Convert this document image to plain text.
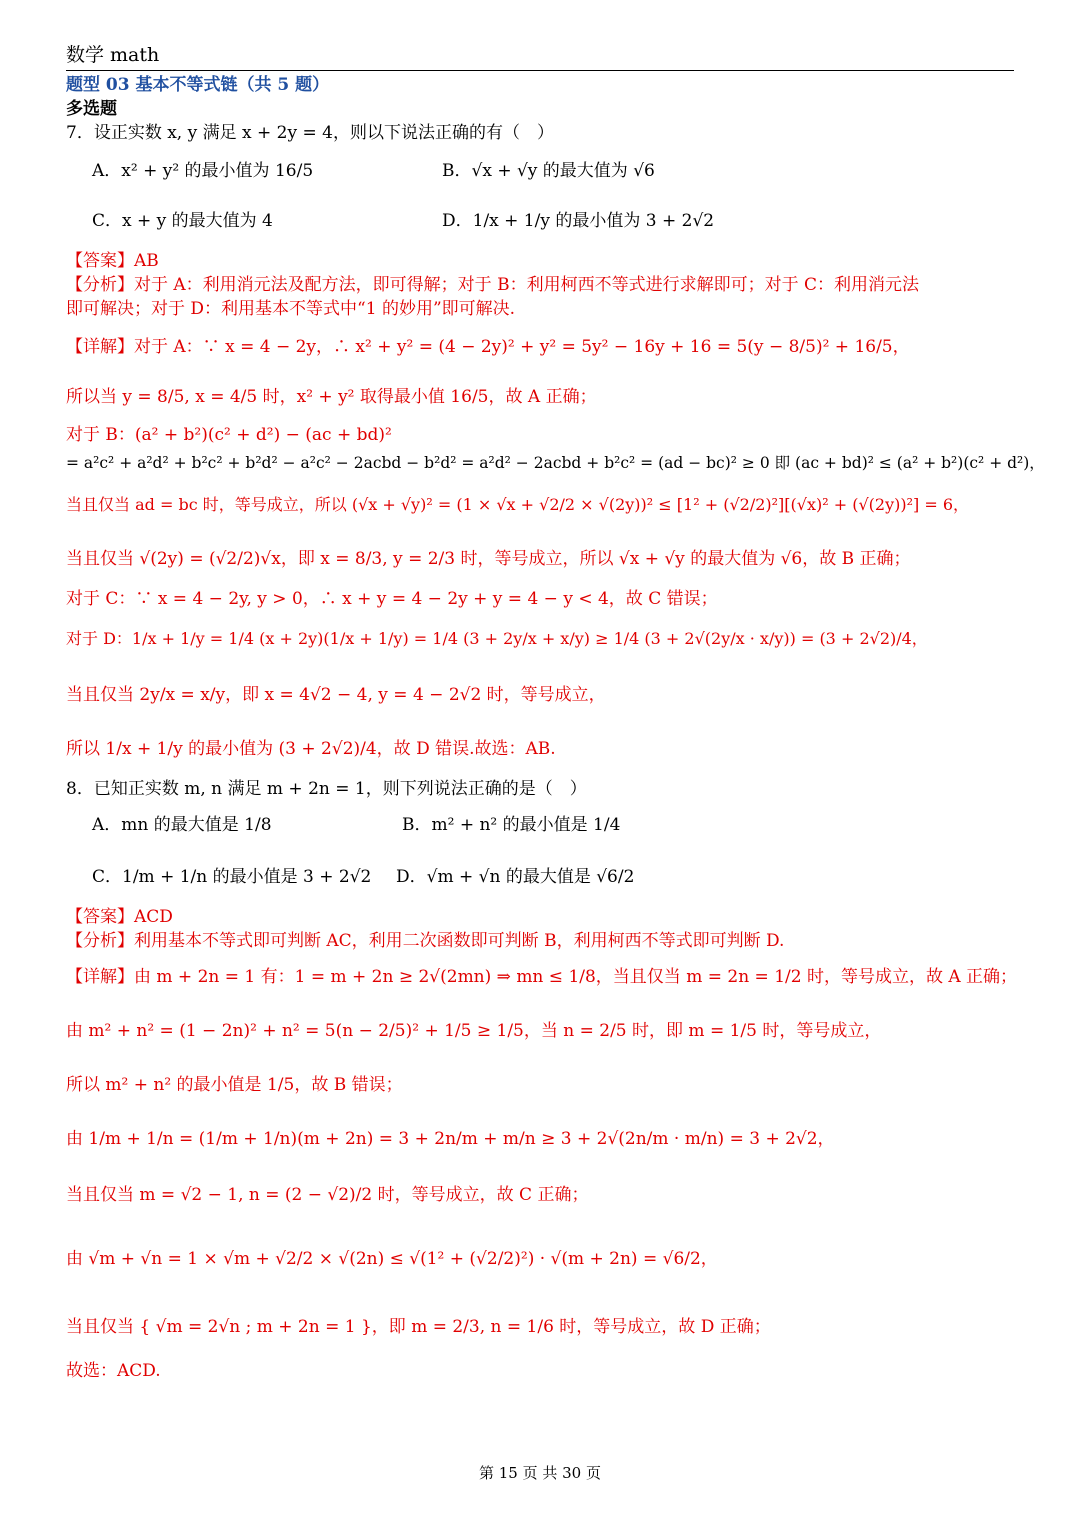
数学 math
题型 03 基本不等式链（共 5 题）
多选题
7．设正实数 x, y 满足 x + 2y = 4，则以下说法正确的有（　）
A．x² + y² 的最小值为 16/5	B．√x + √y 的最大值为 √6
C．x + y 的最大值为 4	D．1/x + 1/y 的最小值为 3 + 2√2
【答案】AB
【分析】对于 A：利用消元法及配方法，即可得解；对于 B：利用柯西不等式进行求解即可；对于 C：利用消元法
即可解决；对于 D：利用基本不等式中“1 的妙用”即可解决.
【详解】对于 A：∵ x = 4 − 2y，∴ x² + y² = (4 − 2y)² + y² = 5y² − 16y + 16 = 5(y − 8/5)² + 16/5，
所以当 y = 8/5, x = 4/5 时，x² + y² 取得最小值 16/5，故 A 正确；
对于 B：(a² + b²)(c² + d²) − (ac + bd)²
= a²c² + a²d² + b²c² + b²d² − a²c² − 2acbd − b²d² = a²d² − 2acbd + b²c² = (ad − bc)² ≥ 0 即 (ac + bd)² ≤ (a² + b²)(c² + d²)，
当且仅当 ad = bc 时，等号成立，所以 (√x + √y)² = (1 × √x + √2/2 × √(2y))² ≤ [1² + (√2/2)²][(√x)² + (√(2y))²] = 6，
当且仅当 √(2y) = (√2/2)√x，即 x = 8/3, y = 2/3 时，等号成立，所以 √x + √y 的最大值为 √6，故 B 正确；
对于 C：∵ x = 4 − 2y, y > 0，∴ x + y = 4 − 2y + y = 4 − y < 4，故 C 错误；
对于 D：1/x + 1/y = 1/4 (x + 2y)(1/x + 1/y) = 1/4 (3 + 2y/x + x/y) ≥ 1/4 (3 + 2√(2y/x · x/y)) = (3 + 2√2)/4，
当且仅当 2y/x = x/y，即 x = 4√2 − 4, y = 4 − 2√2 时，等号成立，
所以 1/x + 1/y 的最小值为 (3 + 2√2)/4，故 D 错误.故选：AB.
8．已知正实数 m, n 满足 m + 2n = 1，则下列说法正确的是（　）
A．mn 的最大值是 1/8	B．m² + n² 的最小值是 1/4
C．1/m + 1/n 的最小值是 3 + 2√2 D．√m + √n 的最大值是 √6/2
【答案】ACD
【分析】利用基本不等式即可判断 AC，利用二次函数即可判断 B，利用柯西不等式即可判断 D.
【详解】由 m + 2n = 1 有：1 = m + 2n ≥ 2√(2mn) ⇒ mn ≤ 1/8，当且仅当 m = 2n = 1/2 时，等号成立，故 A 正确；
由 m² + n² = (1 − 2n)² + n² = 5(n − 2/5)² + 1/5 ≥ 1/5，当 n = 2/5 时，即 m = 1/5 时，等号成立，
所以 m² + n² 的最小值是 1/5，故 B 错误；
由 1/m + 1/n = (1/m + 1/n)(m + 2n) = 3 + 2n/m + m/n ≥ 3 + 2√(2n/m · m/n) = 3 + 2√2，
当且仅当 m = √2 − 1, n = (2 − √2)/2 时，等号成立，故 C 正确；
由 √m + √n = 1 × √m + √2/2 × √(2n) ≤ √(1² + (√2/2)²) · √(m + 2n) = √6/2，
当且仅当 { √m = 2√n ; m + 2n = 1 }，即 m = 2/3, n = 1/6 时，等号成立，故 D 正确；
故选：ACD.
第 15 页 共 30 页
